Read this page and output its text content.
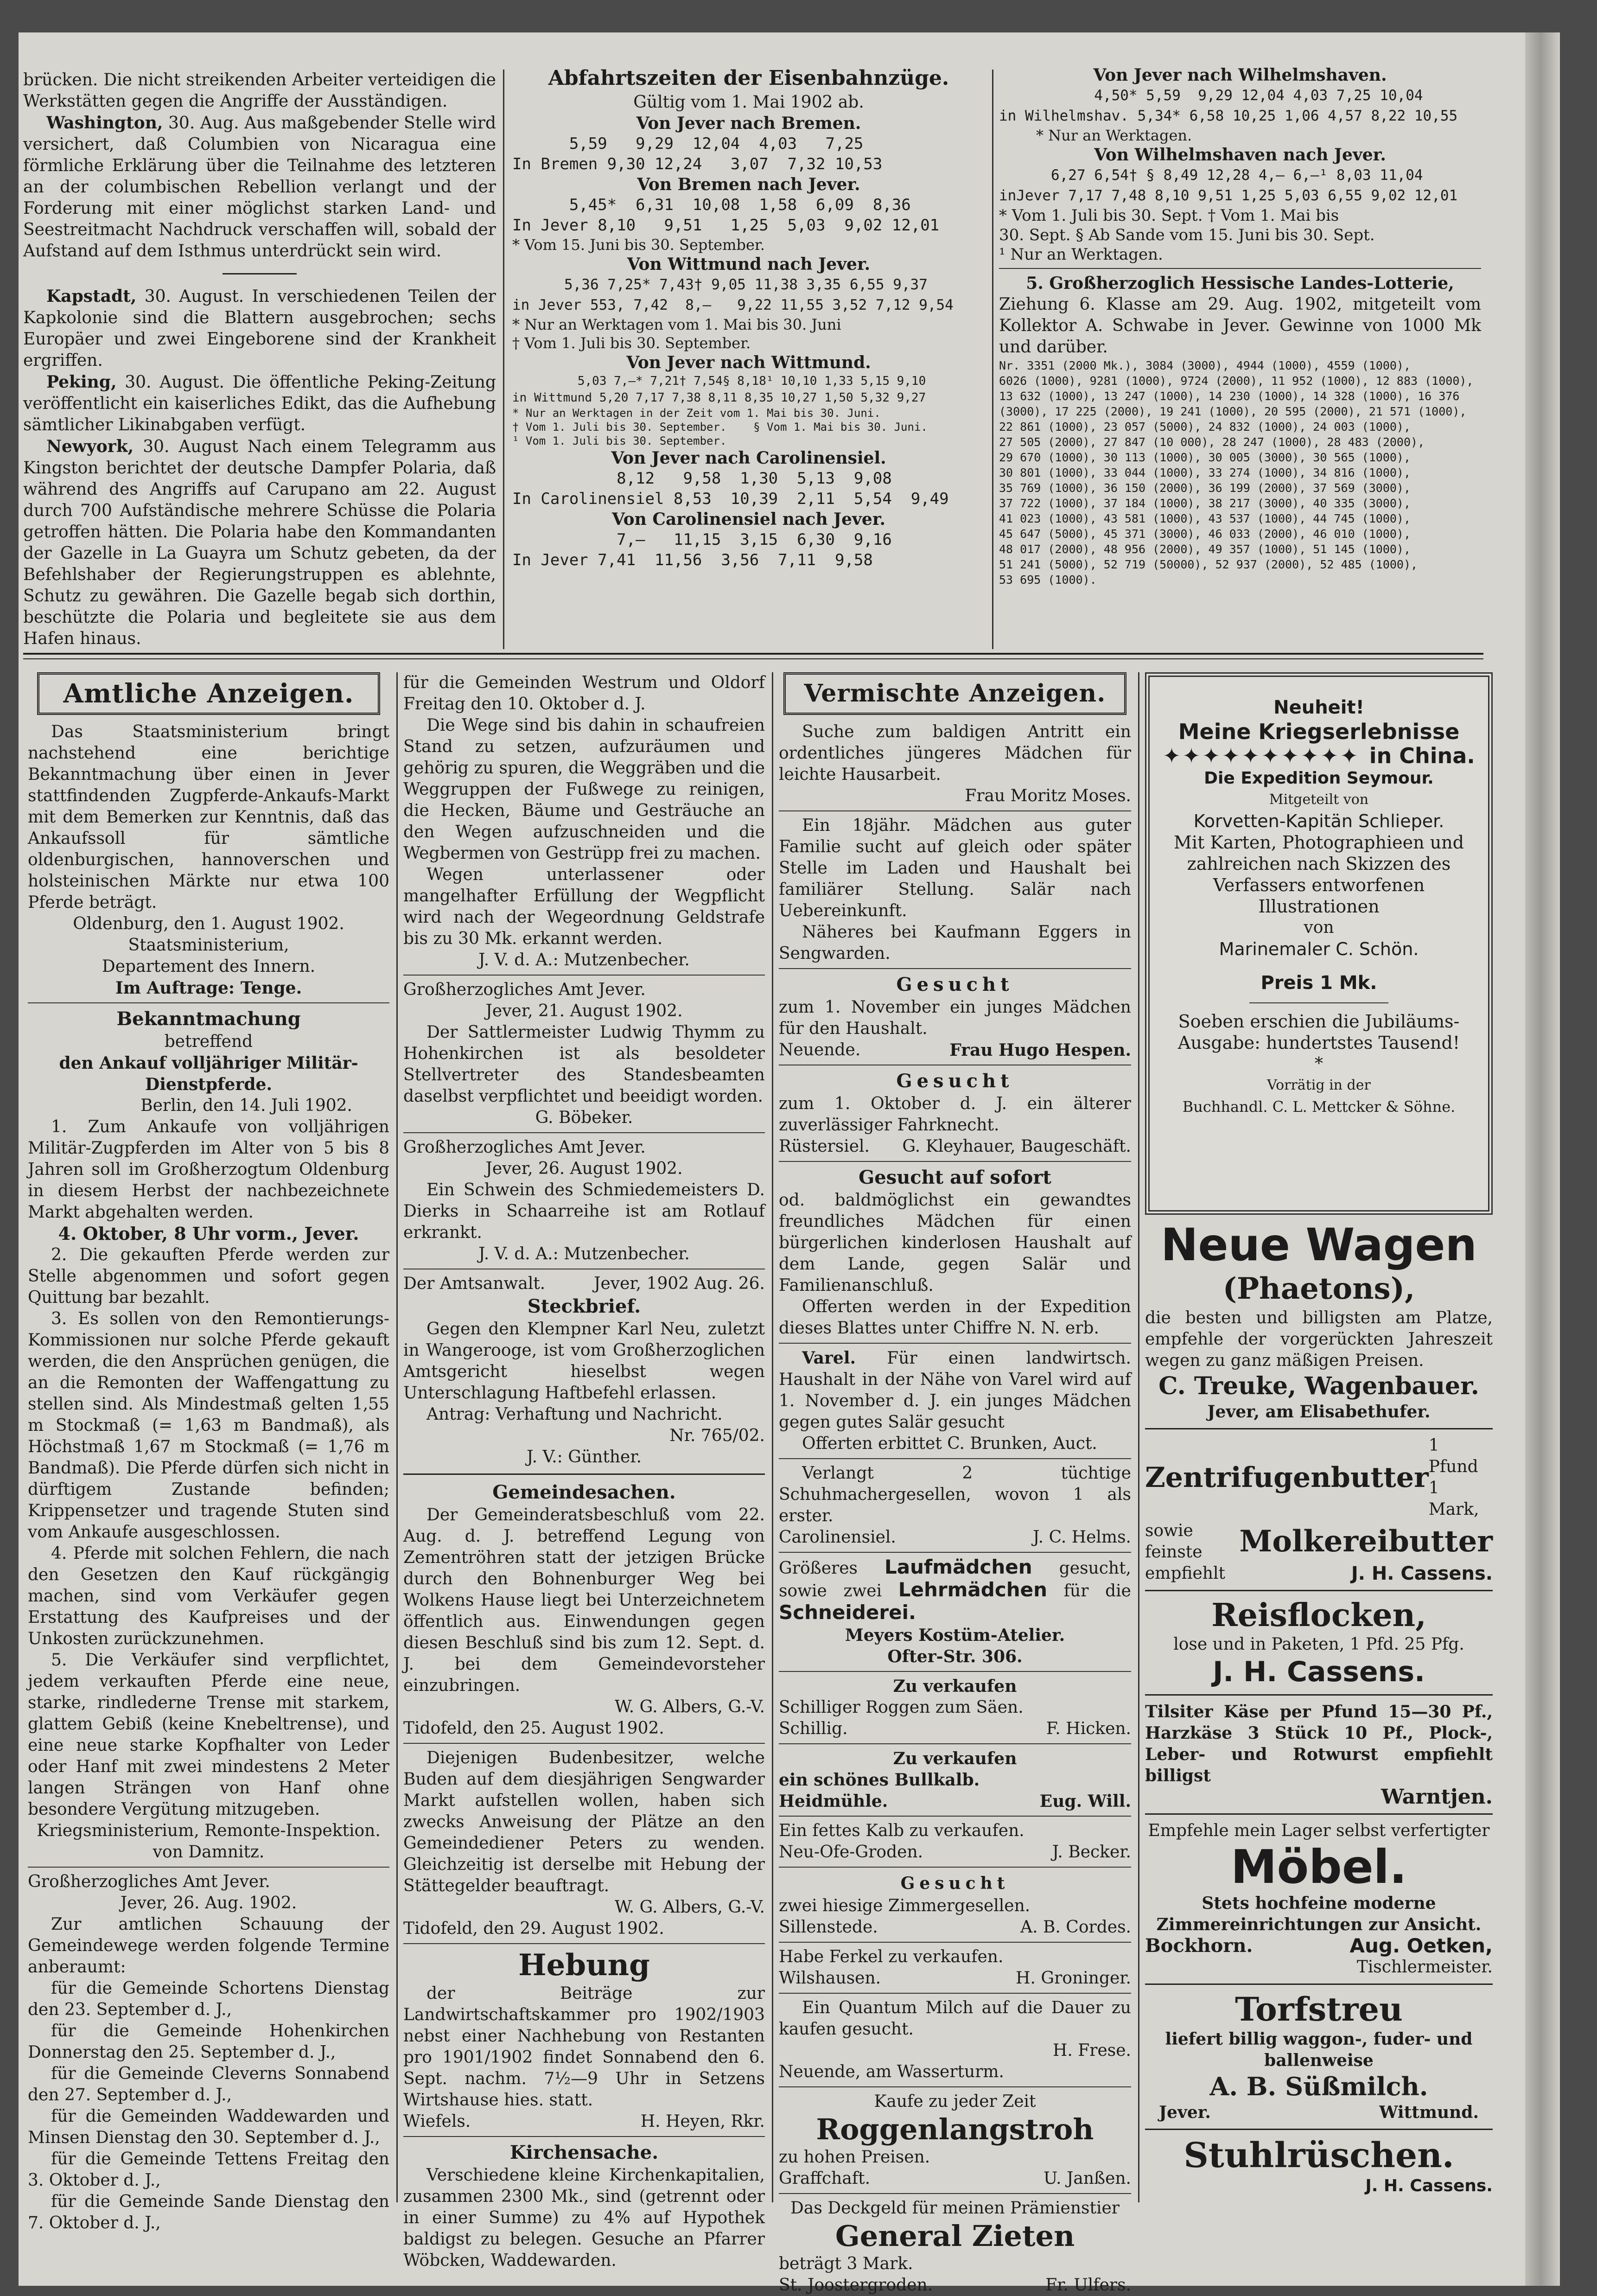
brücken. Die nicht streikenden Arbeiter verteidigen die Werkstätten gegen die Angriffe der Ausständigen.

Washington, 30. Aug. Aus maßgebender Stelle wird versichert, daß Columbien von Nicaragua eine förmliche Erklärung über die Teilnahme des letzteren an der columbischen Rebellion verlangt und der Forderung mit einer möglichst starken Land- und Seestreitmacht Nachdruck verschaffen will, sobald der Aufstand auf dem Isthmus unterdrückt sein wird.

Kapstadt, 30. August. In verschiedenen Teilen der Kapkolonie sind die Blattern ausgebrochen; sechs Europäer und zwei Eingeborene sind der Krankheit ergriffen.

Peking, 30. August. Die öffentliche Peking-Zeitung veröffentlicht ein kaiserliches Edikt, das die Aufhebung sämtlicher Likinabgaben verfügt.

Newyork, 30. August Nach einem Telegramm aus Kingston berichtet der deutsche Dampfer Polaria, daß während des Angriffs auf Carupano am 22. August durch 700 Aufständische mehrere Schüsse die Polaria getroffen hätten. Die Polaria habe den Kommandanten der Gazelle in La Guayra um Schutz gebeten, da der Befehlshaber der Regierungstruppen es ablehnte, Schutz zu gewähren. Die Gazelle begab sich dorthin, beschützte die Polaria und begleitete sie aus dem Hafen hinaus.

Abfahrtszeiten der Eisenbahnzüge.

Gültig vom 1. Mai 1902 ab.

Von Jever nach Bremen.

5,59   9,29  12,04  4,03   7,25

In Bremen 9,30 12,24   3,07  7,32 10,53

Von Bremen nach Jever.

5,45*  6,31  10,08  1,58  6,09  8,36

In Jever 8,10   9,51   1,25  5,03  9,02 12,01

* Vom 15. Juni bis 30. September.

Von Wittmund nach Jever.

5,36 7,25* 7,43† 9,05 11,38 3,35 6,55 9,37

in Jever 553, 7,42  8,—   9,22 11,55 3,52 7,12 9,54

* Nur an Werktagen vom 1. Mai bis 30. Juni

† Vom 1. Juli bis 30. September.

Von Jever nach Wittmund.

5,03 7,—* 7,21† 7,54§ 8,18¹ 10,10 1,33 5,15 9,10

in Wittmund 5,20 7,17 7,38 8,11 8,35 10,27 1,50 5,32 9,27

* Nur an Werktagen in der Zeit vom 1. Mai bis 30. Juni.

† Vom 1. Juli bis 30. September.    § Vom 1. Mai bis 30. Juni.

¹ Vom 1. Juli bis 30. September.

Von Jever nach Carolinensiel.

8,12   9,58  1,30  5,13  9,08

In Carolinensiel 8,53  10,39  2,11  5,54  9,49

Von Carolinensiel nach Jever.

7,—   11,15  3,15  6,30  9,16

In Jever 7,41  11,56  3,56  7,11  9,58

Von Jever nach Wilhelmshaven.

4,50* 5,59  9,29 12,04 4,03 7,25 10,04

in Wilhelmshav. 5,34* 6,58 10,25 1,06 4,57 8,22 10,55

* Nur an Werktagen.

Von Wilhelmshaven nach Jever.

6,27 6,54† § 8,49 12,28 4,— 6,—¹ 8,03 11,04

inJever 7,17 7,48 8,10 9,51 1,25 5,03 6,55 9,02 12,01

* Vom 1. Juli bis 30. Sept. † Vom 1. Mai bis

30. Sept. § Ab Sande vom 15. Juni bis 30. Sept.

¹ Nur an Werktagen.

5. Großherzoglich Hessische Landes-Lotterie,

Ziehung 6. Klasse am 29. Aug. 1902, mitgeteilt vom Kollektor A. Schwabe in Jever. Gewinne von 1000 Mk und darüber.

Nr. 3351 (2000 Mk.), 3084 (3000), 4944 (1000), 4559 (1000),

6026 (1000), 9281 (1000), 9724 (2000), 11 952 (1000), 12 883 (1000),

13 632 (1000), 13 247 (1000), 14 230 (1000), 14 328 (1000), 16 376

(3000), 17 225 (2000), 19 241 (1000), 20 595 (2000), 21 571 (1000),

22 861 (1000), 23 057 (5000), 24 832 (1000), 24 003 (1000),

27 505 (2000), 27 847 (10 000), 28 247 (1000), 28 483 (2000),

29 670 (1000), 30 113 (1000), 30 005 (3000), 30 565 (1000),

30 801 (1000), 33 044 (1000), 33 274 (1000), 34 816 (1000),

35 769 (1000), 36 150 (2000), 36 199 (2000), 37 569 (3000),

37 722 (1000), 37 184 (1000), 38 217 (3000), 40 335 (3000),

41 023 (1000), 43 581 (1000), 43 537 (1000), 44 745 (1000),

45 647 (5000), 45 371 (3000), 46 033 (2000), 46 010 (1000),

48 017 (2000), 48 956 (2000), 49 357 (1000), 51 145 (1000),

51 241 (5000), 52 719 (50000), 52 937 (2000), 52 485 (1000),

53 695 (1000).

Amtliche Anzeigen.

Das Staatsministerium bringt nachstehend eine berichtige Bekanntmachung über einen in Jever stattfindenden Zugpferde-Ankaufs-Markt mit dem Bemerken zur Kenntnis, daß das Ankaufssoll für sämtliche oldenburgischen, hannoverschen und holsteinischen Märkte nur etwa 100 Pferde beträgt.

Oldenburg, den 1. August 1902.

Staatsministerium,

Departement des Innern.

Im Auftrage: Tenge.

Bekanntmachung

betreffend

den Ankauf volljähriger Militär-Dienstpferde.

Berlin, den 14. Juli 1902.

1. Zum Ankaufe von volljährigen Militär-Zugpferden im Alter von 5 bis 8 Jahren soll im Großherzogtum Oldenburg in diesem Herbst der nachbezeichnete Markt abgehalten werden.

4. Oktober, 8 Uhr vorm., Jever.

2. Die gekauften Pferde werden zur Stelle abgenommen und sofort gegen Quittung bar bezahlt.

3. Es sollen von den Remontierungs-Kommissionen nur solche Pferde gekauft werden, die den Ansprüchen genügen, die an die Remonten der Waffengattung zu stellen sind. Als Mindestmaß gelten 1,55 m Stockmaß (= 1,63 m Bandmaß), als Höchstmaß 1,67 m Stockmaß (= 1,76 m Bandmaß). Die Pferde dürfen sich nicht in dürftigem Zustande befinden; Krippensetzer und tragende Stuten sind vom Ankaufe ausgeschlossen.

4. Pferde mit solchen Fehlern, die nach den Gesetzen den Kauf rückgängig machen, sind vom Verkäufer gegen Erstattung des Kaufpreises und der Unkosten zurückzunehmen.

5. Die Verkäufer sind verpflichtet, jedem verkauften Pferde eine neue, starke, rindlederne Trense mit starkem, glattem Gebiß (keine Knebeltrense), und eine neue starke Kopfhalter von Leder oder Hanf mit zwei mindestens 2 Meter langen Strängen von Hanf ohne besondere Vergütung mitzugeben.

Kriegsministerium, Remonte-Inspektion.

von Damnitz.

Großherzogliches Amt Jever.

Jever, 26. Aug. 1902.

Zur amtlichen Schauung der Gemeindewege werden folgende Termine anberaumt:

für die Gemeinde Schortens Dienstag den 23. September d. J.,

für die Gemeinde Hohenkirchen Donnerstag den 25. September d. J.,

für die Gemeinde Cleverns Sonnabend den 27. September d. J.,

für die Gemeinden Waddewarden und Minsen Dienstag den 30. September d. J.,

für die Gemeinde Tettens Freitag den 3. Oktober d. J.,

für die Gemeinde Sande Dienstag den 7. Oktober d. J.,

für die Gemeinden Westrum und Oldorf Freitag den 10. Oktober d. J.

Die Wege sind bis dahin in schaufreien Stand zu setzen, aufzuräumen und gehörig zu spuren, die Weggräben und die Weggruppen der Fußwege zu reinigen, die Hecken, Bäume und Gesträuche an den Wegen aufzuschneiden und die Wegbermen von Gestrüpp frei zu machen.

Wegen unterlassener oder mangelhafter Erfüllung der Wegpflicht wird nach der Wegeordnung Geldstrafe bis zu 30 Mk. erkannt werden.

J. V. d. A.: Mutzenbecher.

Großherzogliches Amt Jever.

Jever, 21. August 1902.

Der Sattlermeister Ludwig Thymm zu Hohenkirchen ist als besoldeter Stellvertreter des Standesbeamten daselbst verpflichtet und beeidigt worden.

G. Böbeker.

Großherzogliches Amt Jever.

Jever, 26. August 1902.

Ein Schwein des Schmiedemeisters D. Dierks in Schaarreihe ist am Rotlauf erkrankt.

J. V. d. A.: Mutzenbecher.

Der Amtsanwalt.	Jever, 1902 Aug. 26.

Steckbrief.

Gegen den Klempner Karl Neu, zuletzt in Wangerooge, ist vom Großherzoglichen Amtsgericht hieselbst wegen Unterschlagung Haftbefehl erlassen.

Antrag: Verhaftung und Nachricht.

Nr. 765/02.

J. V.: Günther.

Gemeindesachen.

Der Gemeinderatsbeschluß vom 22. Aug. d. J. betreffend Legung von Zementröhren statt der jetzigen Brücke durch den Bohnenburger Weg bei Wolkens Hause liegt bei Unterzeichnetem öffentlich aus. Einwendungen gegen diesen Beschluß sind bis zum 12. Sept. d. J. bei dem Gemeindevorsteher einzubringen.

W. G. Albers, G.-V.

Tidofeld, den 25. August 1902.

Diejenigen Budenbesitzer, welche Buden auf dem diesjährigen Sengwarder Markt aufstellen wollen, haben sich zwecks Anweisung der Plätze an den Gemeindediener Peters zu wenden. Gleichzeitig ist derselbe mit Hebung der Stättegelder beauftragt.

W. G. Albers, G.-V.

Tidofeld, den 29. August 1902.

Hebung

der Beiträge zur Landwirtschaftskammer pro 1902/1903 nebst einer Nachhebung von Restanten pro 1901/1902 findet Sonnabend den 6. Sept. nachm. 7½—9 Uhr in Setzens Wirtshause hies. statt.

Wiefels.	H. Heyen, Rkr.

Kirchensache.

Verschiedene kleine Kirchenkapitalien, zusammen 2300 Mk., sind (getrennt oder in einer Summe) zu 4% auf Hypothek baldigst zu belegen. Gesuche an Pfarrer Wöbcken, Waddewarden.

Vermischte Anzeigen.

Suche zum baldigen Antritt ein ordentliches jüngeres Mädchen für leichte Hausarbeit.

Frau Moritz Moses.

Ein 18jähr. Mädchen aus guter Familie sucht auf gleich oder später Stelle im Laden und Haushalt bei familiärer Stellung. Salär nach Uebereinkunft.

Näheres bei Kaufmann Eggers in Sengwarden.

Gesucht

zum 1. November ein junges Mädchen für den Haushalt.

Neuende.	Frau Hugo Hespen.

Gesucht

zum 1. Oktober d. J. ein älterer zuverlässiger Fahrknecht.

Rüstersiel. G. Kleyhauer, Baugeschäft.

Gesucht auf sofort

od. baldmöglichst ein gewandtes freundliches Mädchen für einen bürgerlichen kinderlosen Haushalt auf dem Lande, gegen Salär und Familienanschluß.

Offerten werden in der Expedition dieses Blattes unter Chiffre N. N. erb.

Varel. Für einen landwirtsch. Haushalt in der Nähe von Varel wird auf 1. November d. J. ein junges Mädchen gegen gutes Salär gesucht

Offerten erbittet C. Brunken, Auct.

Verlangt 2 tüchtige Schuhmachergesellen, wovon 1 als erster.

Carolinensiel.	J. C. Helms.

Größeres Laufmädchen gesucht, sowie zwei Lehrmädchen für die Schneiderei.

Meyers Kostüm-Atelier.

Ofter-Str. 306.

Zu verkaufen

Schilliger Roggen zum Säen.

Schillig.	F. Hicken.

Zu verkaufen

ein schönes Bullkalb.

Heidmühle.	Eug. Will.

Ein fettes Kalb zu verkaufen.

Neu-Ofe-Groden.	J. Becker.

Gesucht

zwei hiesige Zimmergesellen.

Sillenstede.	A. B. Cordes.

Habe Ferkel zu verkaufen.

Wilshausen.	H. Groninger.

Ein Quantum Milch auf die Dauer zu kaufen gesucht.

H. Frese.

Neuende, am Wasserturm.

Kaufe zu jeder Zeit

Roggenlangstroh

zu hohen Preisen.

Graffchaft.	U. Janßen.

Das Deckgeld für meinen Prämienstier

General Zieten

beträgt 3 Mark.

St. Joostergroden.	Fr. Ulfers.

Neuheit!

Meine Kriegserlebnisse

✦✦✦✦✦✦✦✦✦✦ in China.

Die Expedition Seymour.

Mitgeteilt von

Korvetten-Kapitän Schlieper.

Mit Karten, Photographieen und zahlreichen nach Skizzen des Verfassers entworfenen Illustrationen

von

Marinemaler C. Schön.

Preis 1 Mk.

Soeben erschien die Jubiläums-Ausgabe: hundertstes Tausend!

*

Vorrätig in der

Buchhandl. C. L. Mettcker & Söhne.

Neue Wagen

(Phaetons),

die besten und billigsten am Platze, empfehle der vorgerückten Jahreszeit wegen zu ganz mäßigen Preisen.

C. Treuke, Wagenbauer.

Jever, am Elisabethufer.

Zentrifugenbutter

1 Pfund

1 Mark,

sowie feinste	Molkereibutter

empfiehlt	J. H. Cassens.

Reisflocken,

lose und in Paketen, 1 Pfd. 25 Pfg.

J. H. Cassens.

Tilsiter Käse per Pfund 15—30 Pf., Harzkäse 3 Stück 10 Pf., Plock-, Leber- und Rotwurst empfiehlt billigst

Warntjen.

Empfehle mein Lager selbst verfertigter

Möbel.

Stets hochfeine moderne Zimmereinrichtungen zur Ansicht.

Bockhorn.	Aug. Oetken,

Tischlermeister.

Torfstreu

liefert billig waggon-, fuder- und ballenweise

A. B. Süßmilch.

Jever.	Wittmund.

Stuhlrüschen.

J. H. Cassens.
